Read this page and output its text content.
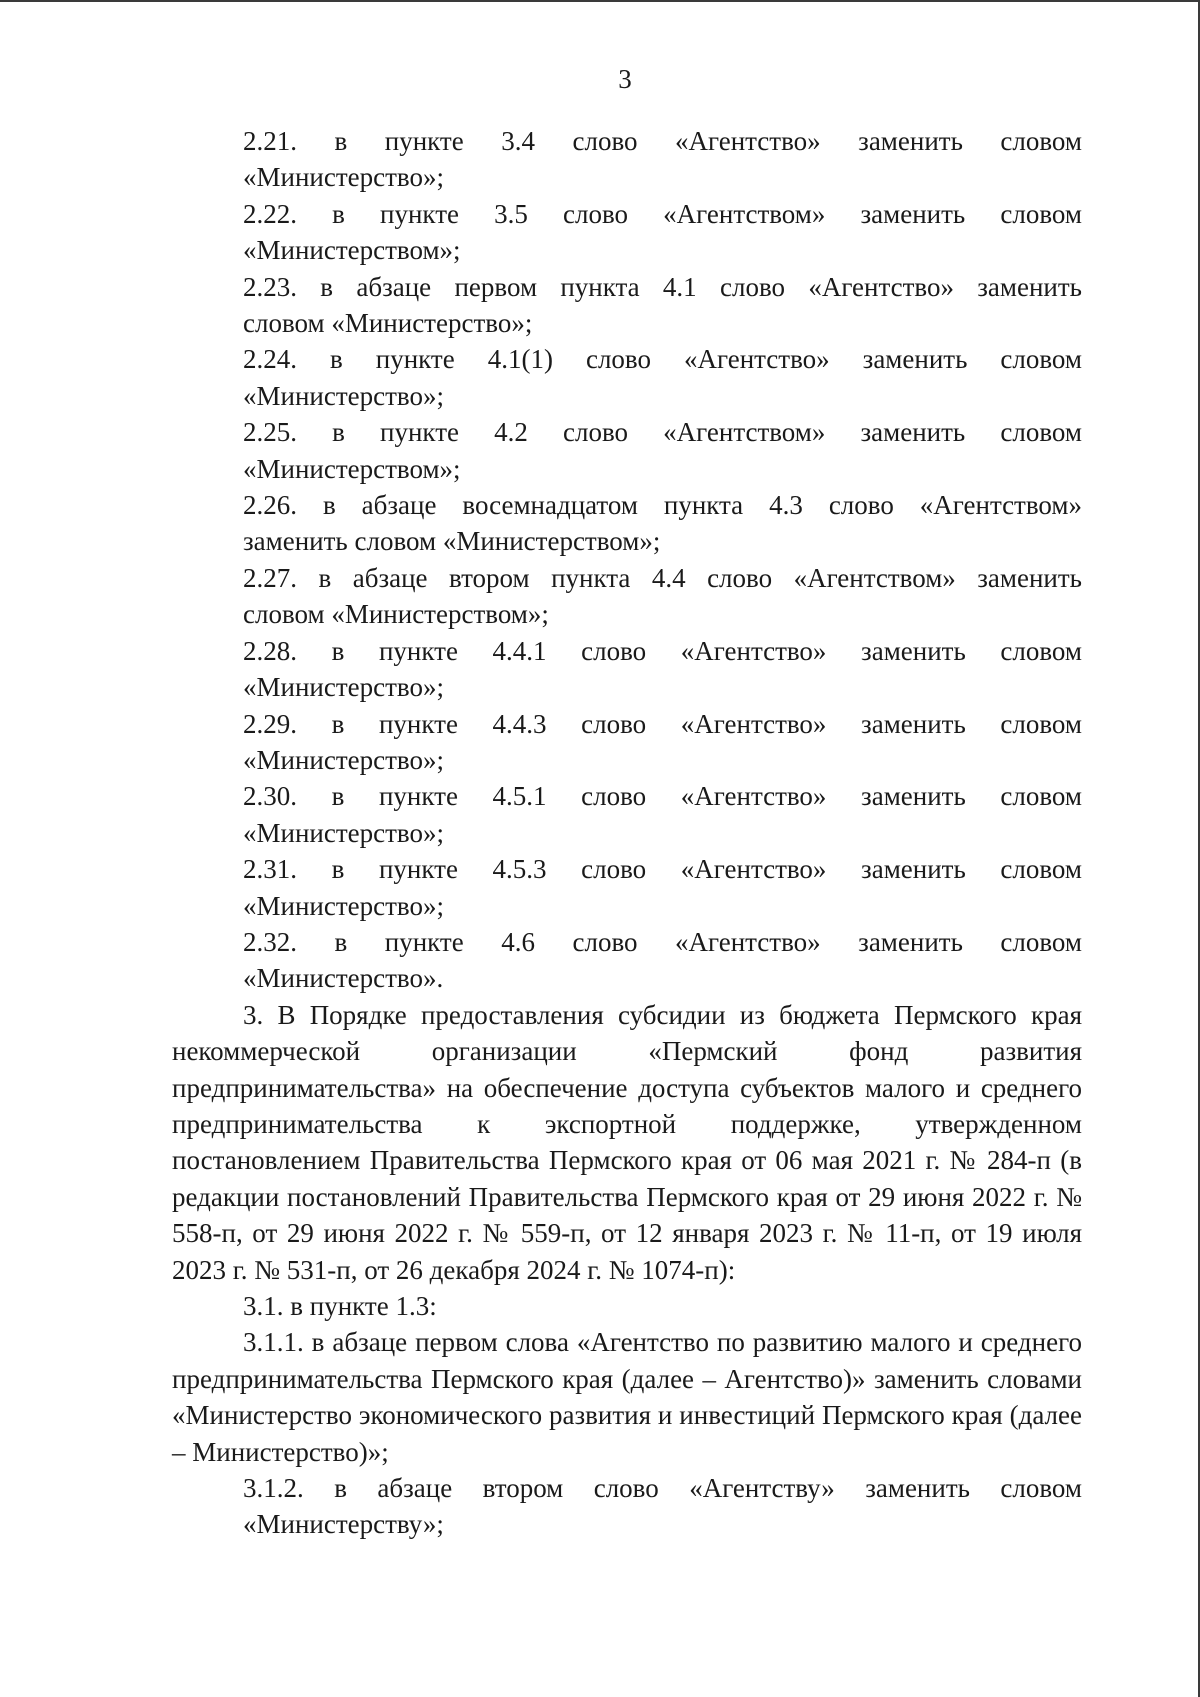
3

2.21. в пункте 3.4 слово «Агентство» заменить словом
«Министерство»;

2.22. в пункте 3.5 слово «Агентством» заменить словом
«Министерством»;

2.23. в абзаце первом пункта 4.1 слово «Агентство» заменить
словом «Министерство»;

2.24. в пункте 4.1(1) слово «Агентство» заменить словом
«Министерство»;

2.25. в пункте 4.2 слово «Агентством» заменить словом
«Министерством»;

2.26. в абзаце восемнадцатом пункта 4.3 слово «Агентством»
заменить словом «Министерством»;

2.27. в абзаце втором пункта 4.4 слово «Агентством» заменить
словом «Министерством»;

2.28. в пункте 4.4.1 слово «Агентство» заменить словом
«Министерство»;

2.29. в пункте 4.4.3 слово «Агентство» заменить словом
«Министерство»;

2.30. в пункте 4.5.1 слово «Агентство» заменить словом
«Министерство»;

2.31. в пункте 4.5.3 слово «Агентство» заменить словом
«Министерство»;

2.32. в пункте 4.6 слово «Агентство» заменить словом
«Министерство».

3. В Порядке предоставления субсидии из бюджета Пермского края некоммерческой организации «Пермский фонд развития предпринимательства» на обеспечение доступа субъектов малого и среднего предпринимательства к экспортной поддержке, утвержденном постановлением Правительства Пермского края от 06 мая 2021 г. № 284-п (в редакции постановлений Правительства Пермского края от 29 июня 2022 г. № 558-п, от 29 июня 2022 г. № 559-п, от 12 января 2023 г. № 11-п, от 19 июля 2023 г. № 531-п, от 26 декабря 2024 г. № 1074-п):

3.1. в пункте 1.3:

3.1.1. в абзаце первом слова «Агентство по развитию малого и среднего предпринимательства Пермского края (далее – Агентство)» заменить словами «Министерство экономического развития и инвестиций Пермского края (далее – Министерство)»;

3.1.2. в абзаце втором слово «Агентству» заменить словом
«Министерству»;
